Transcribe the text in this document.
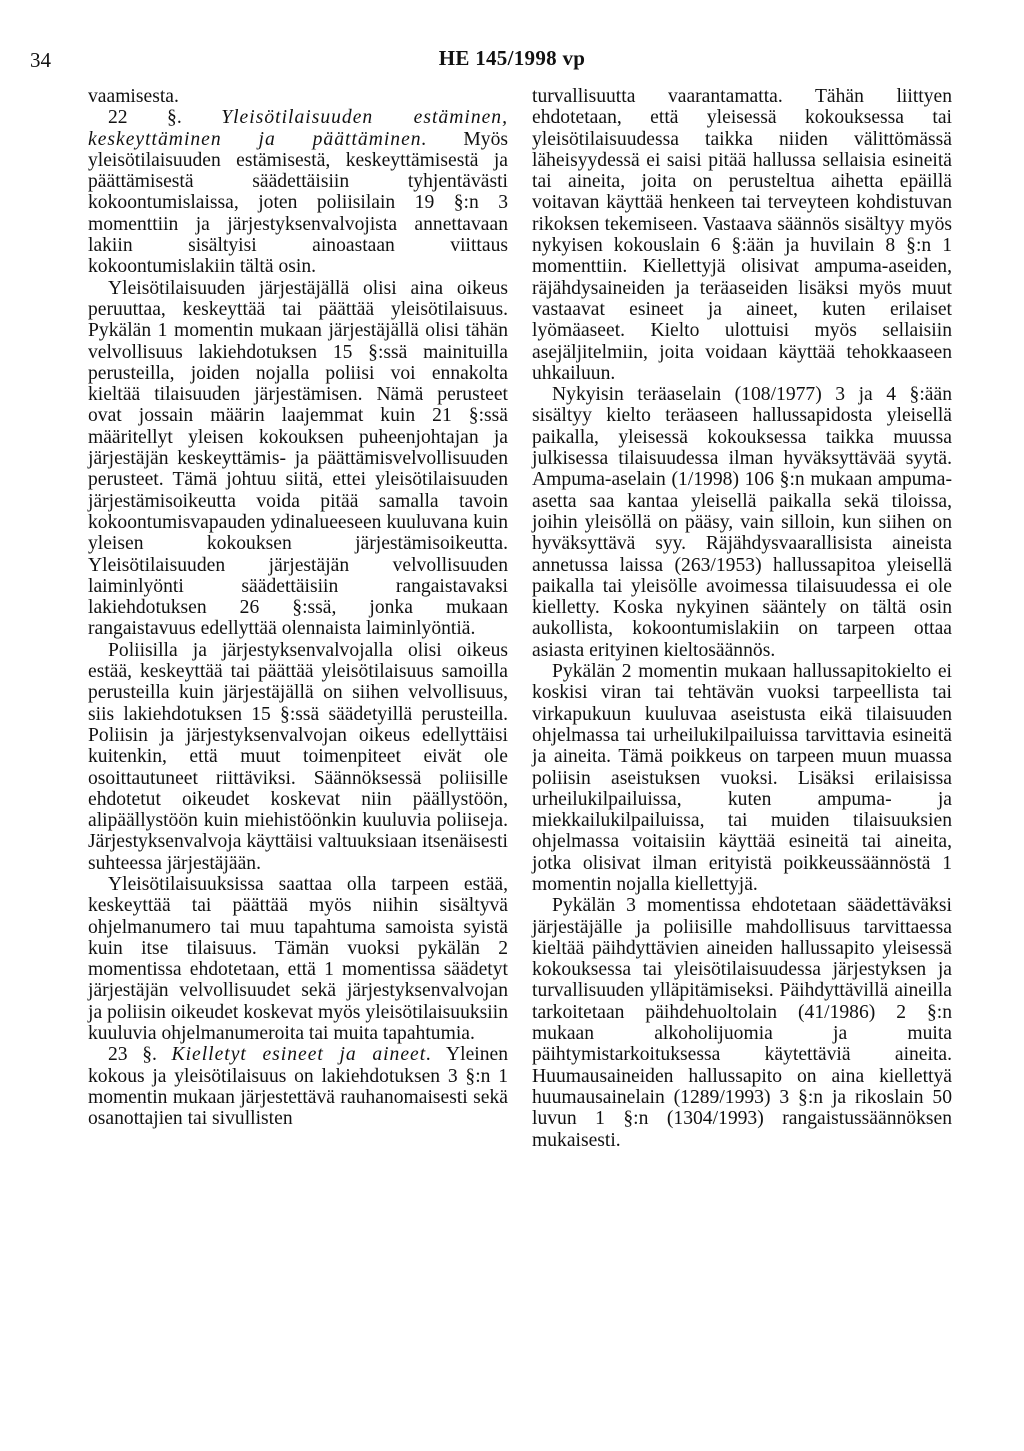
34	HE 145/1998 vp

vaamisesta.

22 §. Yleisötilaisuuden estäminen, keskeyttäminen ja päättäminen. Myös yleisötilaisuuden estämisestä, keskeyttämisestä ja päättämisestä säädettäisiin tyhjentävästi kokoontumislaissa, joten poliisilain 19 §:n 3 momenttiin ja järjestyksenvalvojista annettavaan lakiin sisältyisi ainoastaan viittaus kokoontumislakiin tältä osin.

Yleisötilaisuuden järjestäjällä olisi aina oikeus peruuttaa, keskeyttää tai päättää yleisötilaisuus. Pykälän 1 momentin mukaan järjestäjällä olisi tähän velvollisuus lakiehdotuksen 15 §:ssä mainituilla perusteilla, joiden nojalla poliisi voi ennakolta kieltää tilaisuuden järjestämisen. Nämä perusteet ovat jossain määrin laajemmat kuin 21 §:ssä määritellyt yleisen kokouksen puheenjohtajan ja järjestäjän keskeyttämis- ja päättämisvelvollisuuden perusteet. Tämä johtuu siitä, ettei yleisötilaisuuden järjestämisoikeutta voida pitää samalla tavoin kokoontumisvapauden ydinalueeseen kuuluvana kuin yleisen kokouksen järjestämisoikeutta. Yleisötilaisuuden järjestäjän velvollisuuden laiminlyönti säädettäisiin rangaistavaksi lakiehdotuksen 26 §:ssä, jonka mukaan rangaistavuus edellyttää olennaista laiminlyöntiä.

Poliisilla ja järjestyksenvalvojalla olisi oikeus estää, keskeyttää tai päättää yleisötilaisuus samoilla perusteilla kuin järjestäjällä on siihen velvollisuus, siis lakiehdotuksen 15 §:ssä säädetyillä perusteilla. Poliisin ja järjestyksenvalvojan oikeus edellyttäisi kuitenkin, että muut toimenpiteet eivät ole osoittautuneet riittäviksi. Säännöksessä poliisille ehdotetut oikeudet koskevat niin päällystöön, alipäällystöön kuin miehistöönkin kuuluvia poliiseja. Järjestyksenvalvoja käyttäisi valtuuksiaan itsenäisesti suhteessa järjestäjään.

Yleisötilaisuuksissa saattaa olla tarpeen estää, keskeyttää tai päättää myös niihin sisältyvä ohjelmanumero tai muu tapahtuma samoista syistä kuin itse tilaisuus. Tämän vuoksi pykälän 2 momentissa ehdotetaan, että 1 momentissa säädetyt järjestäjän velvollisuudet sekä järjestyksenvalvojan ja poliisin oikeudet koskevat myös yleisötilaisuuksiin kuuluvia ohjelmanumeroita tai muita tapahtumia.

23 §. Kielletyt esineet ja aineet. Yleinen kokous ja yleisötilaisuus on lakiehdotuksen 3 §:n 1 momentin mukaan järjestettävä rauhanomaisesti sekä osanottajien tai sivullisten

turvallisuutta vaarantamatta. Tähän liittyen ehdotetaan, että yleisessä kokouksessa tai yleisötilaisuudessa taikka niiden välittömässä läheisyydessä ei saisi pitää hallussa sellaisia esineitä tai aineita, joita on perusteltua aihetta epäillä voitavan käyttää henkeen tai terveyteen kohdistuvan rikoksen tekemiseen. Vastaava säännös sisältyy myös nykyisen kokouslain 6 §:ään ja huvilain 8 §:n 1 momenttiin. Kiellettyjä olisivat ampuma-aseiden, räjähdysaineiden ja teräaseiden lisäksi myös muut vastaavat esineet ja aineet, kuten erilaiset lyömäaseet. Kielto ulottuisi myös sellaisiin asejäljitelmiin, joita voidaan käyttää tehokkaaseen uhkailuun.

Nykyisin teräaselain (108/1977) 3 ja 4 §:ään sisältyy kielto teräaseen hallussapidosta yleisellä paikalla, yleisessä kokouksessa taikka muussa julkisessa tilaisuudessa ilman hyväksyttävää syytä. Ampuma-aselain (1/1998) 106 §:n mukaan ampuma-asetta saa kantaa yleisellä paikalla sekä tiloissa, joihin yleisöllä on pääsy, vain silloin, kun siihen on hyväksyttävä syy. Räjähdysvaarallisista aineista annetussa laissa (263/1953) hallussapitoa yleisellä paikalla tai yleisölle avoimessa tilaisuudessa ei ole kielletty. Koska nykyinen sääntely on tältä osin aukollista, kokoontumislakiin on tarpeen ottaa asiasta erityinen kieltosäännös.

Pykälän 2 momentin mukaan hallussapitokielto ei koskisi viran tai tehtävän vuoksi tarpeellista tai virkapukuun kuuluvaa aseistusta eikä tilaisuuden ohjelmassa tai urheilukilpailuissa tarvittavia esineitä ja aineita. Tämä poikkeus on tarpeen muun muassa poliisin aseistuksen vuoksi. Lisäksi erilaisissa urheilukilpailuissa, kuten ampuma- ja miekkailukilpailuissa, tai muiden tilaisuuksien ohjelmassa voitaisiin käyttää esineitä tai aineita, jotka olisivat ilman erityistä poikkeussäännöstä 1 momentin nojalla kiellettyjä.

Pykälän 3 momentissa ehdotetaan säädettäväksi järjestäjälle ja poliisille mahdollisuus tarvittaessa kieltää päihdyttävien aineiden hallussapito yleisessä kokouksessa tai yleisötilaisuudessa järjestyksen ja turvallisuuden ylläpitämiseksi. Päihdyttävillä aineilla tarkoitetaan päihdehuoltolain (41/1986) 2 §:n mukaan alkoholijuomia ja muita päihtymistarkoituksessa käytettäviä aineita. Huumausaineiden hallussapito on aina kiellettyä huumausainelain (1289/1993) 3 §:n ja rikoslain 50 luvun 1 §:n (1304/1993) rangaistussäännöksen mukaisesti.
